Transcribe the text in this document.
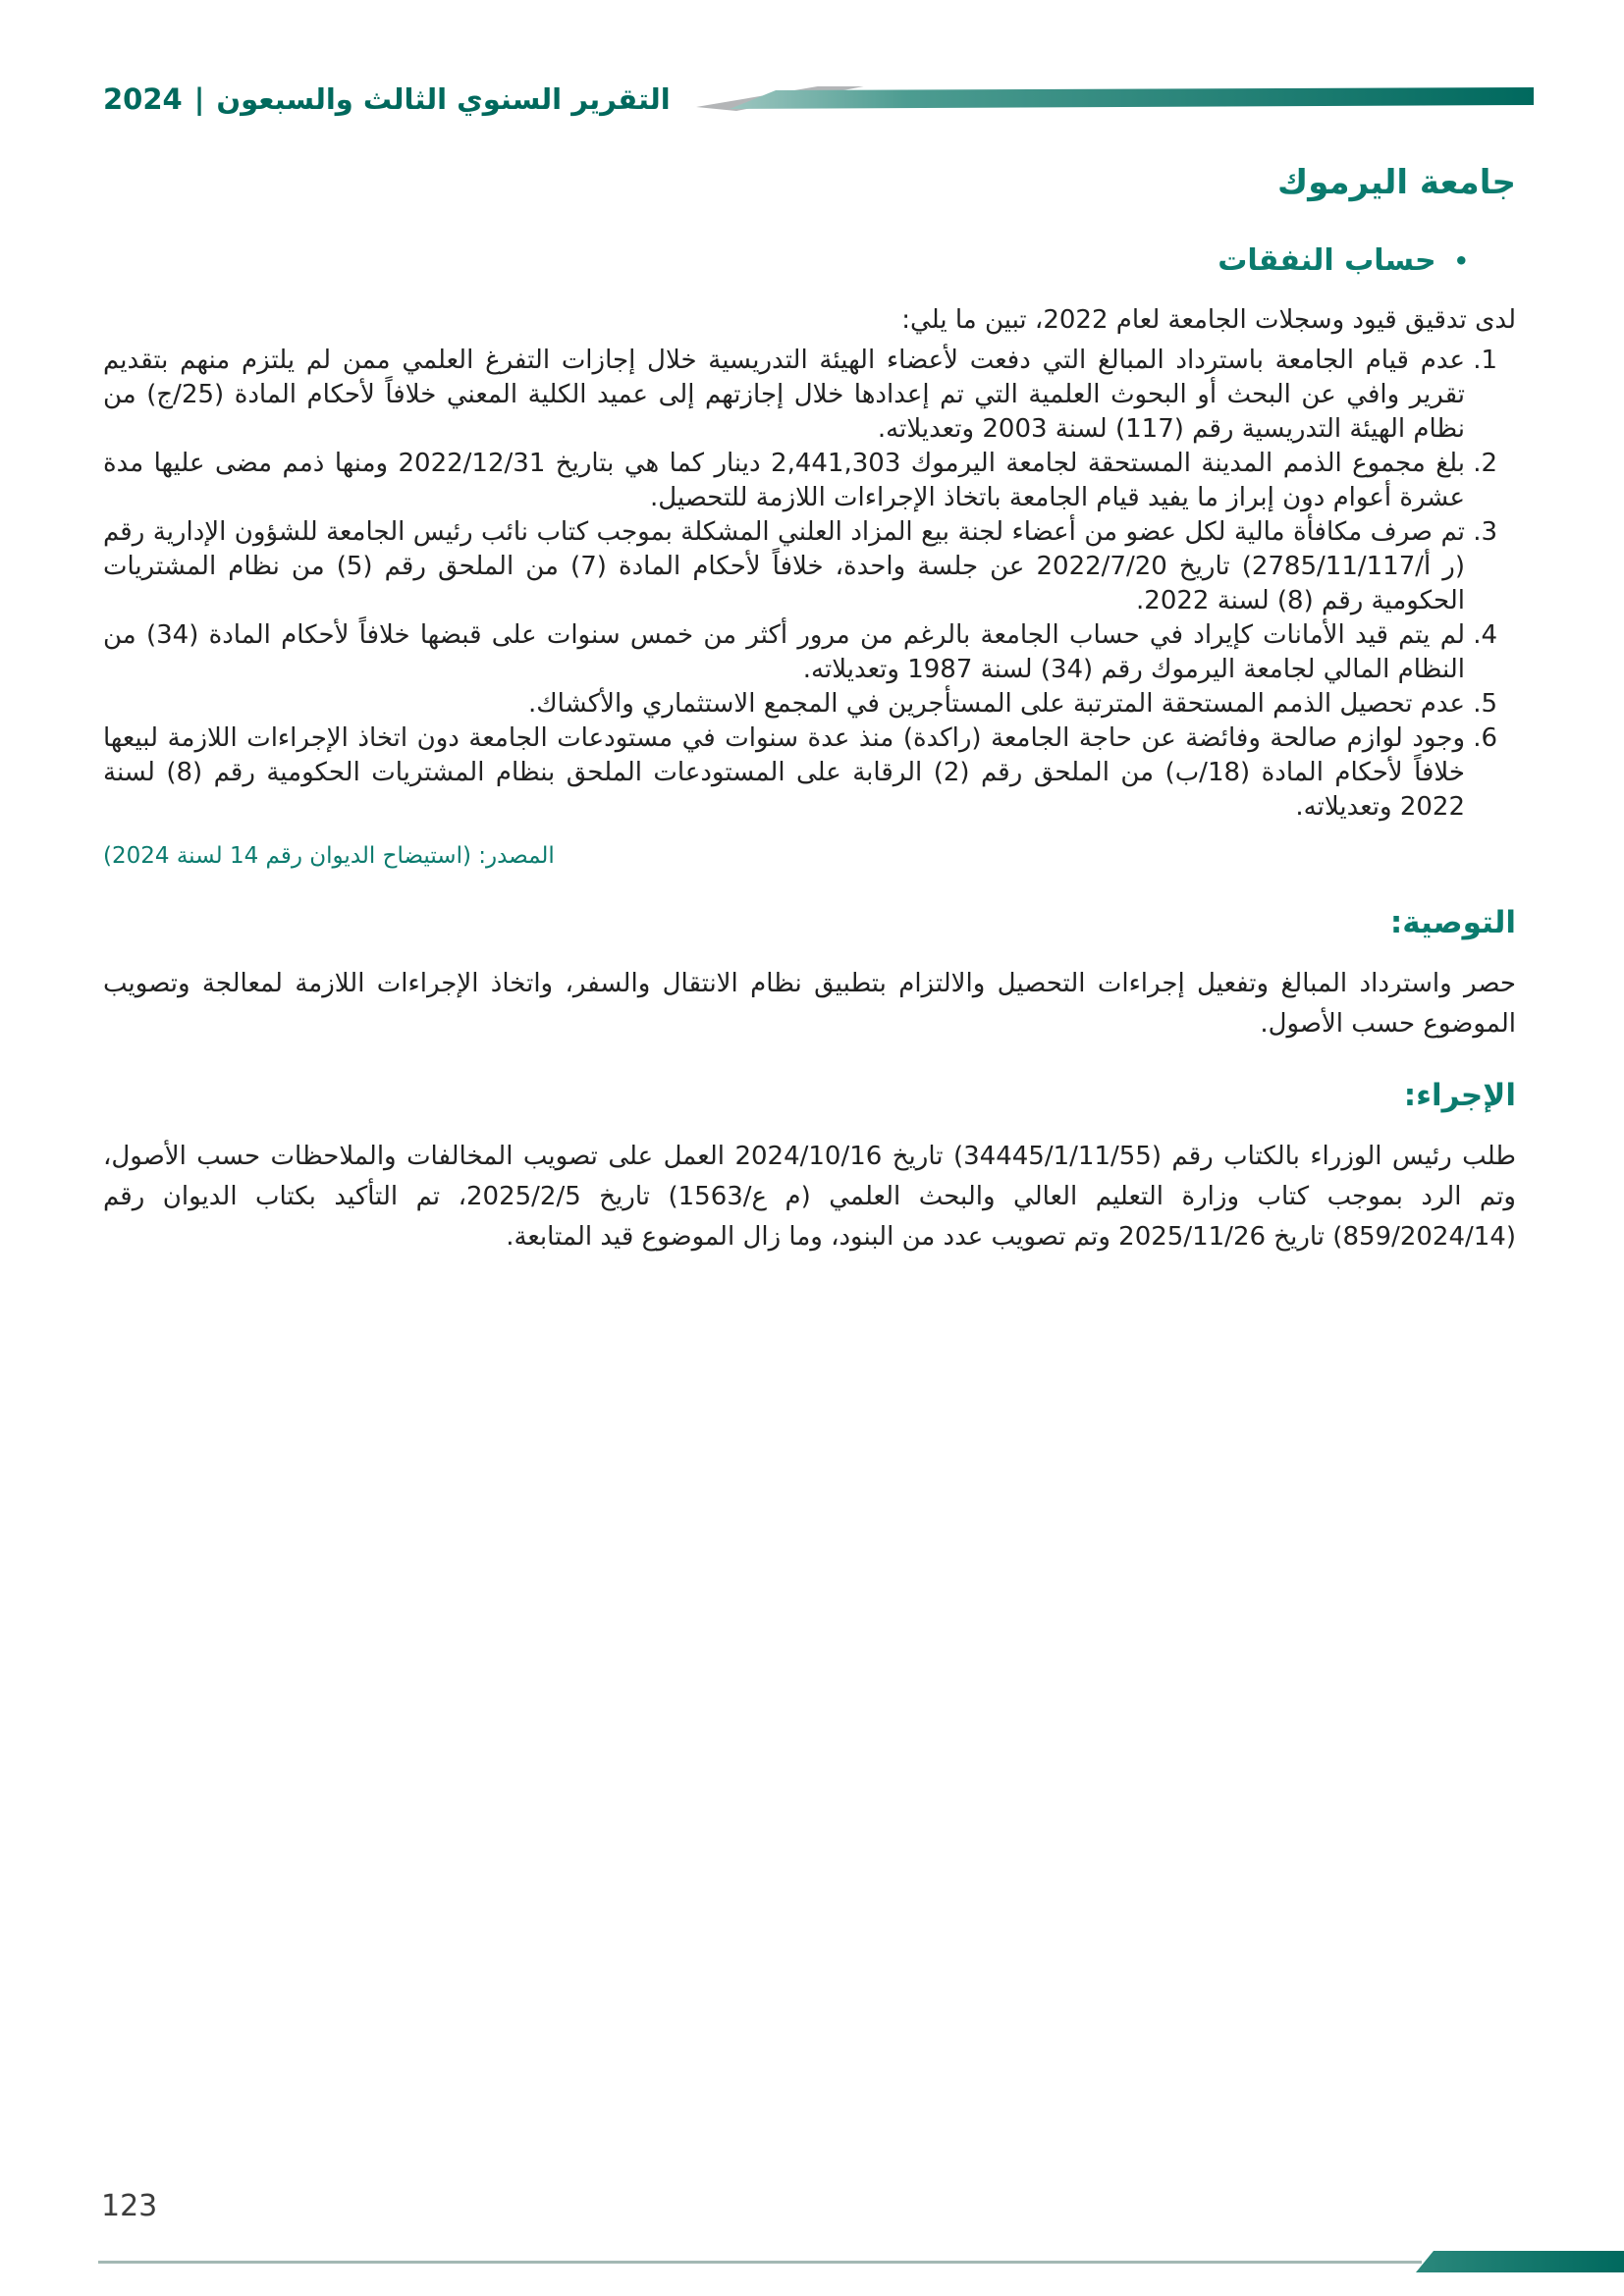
التقرير السنوي الثالث والسبعون
|
2024
جامعة اليرموك
•
حساب النفقات

لدى تدقيق قيود وسجلات الجامعة لعام 2022، تبين ما يلي:

1. عدم قيام الجامعة باسترداد المبالغ التي دفعت لأعضاء الهيئة التدريسية خلال إجازات التفرغ العلمي ممن لم يلتزم منهم بتقديم تقرير وافي عن البحث أو البحوث العلمية التي تم إعدادها خلال إجازتهم إلى عميد الكلية المعني خلافاً لأحكام المادة (25/ج) من نظام الهيئة التدريسية رقم (117) لسنة 2003 وتعديلاته.
2. بلغ مجموع الذمم المدينة المستحقة لجامعة اليرموك 2,441,303 دينار كما هي بتاريخ 2022/12/31 ومنها ذمم مضى عليها مدة عشرة أعوام دون إبراز ما يفيد قيام الجامعة باتخاذ الإجراءات اللازمة للتحصيل.
3. تم صرف مكافأة مالية لكل عضو من أعضاء لجنة بيع المزاد العلني المشكلة بموجب كتاب نائب رئيس الجامعة للشؤون الإدارية رقم (ر أ/2785/11/117) تاريخ 2022/7/20 عن جلسة واحدة، خلافاً لأحكام المادة (7) من الملحق رقم (5) من نظام المشتريات الحكومية رقم (8) لسنة 2022.
4. لم يتم قيد الأمانات كإيراد في حساب الجامعة بالرغم من مرور أكثر من خمس سنوات على قبضها خلافاً لأحكام المادة (34) من النظام المالي لجامعة اليرموك رقم (34) لسنة 1987 وتعديلاته.
5. عدم تحصيل الذمم المستحقة المترتبة على المستأجرين في المجمع الاستثماري والأكشاك.
6. وجود لوازم صالحة وفائضة عن حاجة الجامعة (راكدة) منذ عدة سنوات في مستودعات الجامعة دون اتخاذ الإجراءات اللازمة لبيعها خلافاً لأحكام المادة (18/ب) من الملحق رقم (2) الرقابة على المستودعات الملحق بنظام المشتريات الحكومية رقم (8) لسنة 2022 وتعديلاته.

المصدر: (استيضاح الديوان رقم 14 لسنة 2024)

التوصية:

حصر واسترداد المبالغ وتفعيل إجراءات التحصيل والالتزام بتطبيق نظام الانتقال والسفر، واتخاذ الإجراءات اللازمة لمعالجة وتصويب الموضوع حسب الأصول.

الإجراء:

طلب رئيس الوزراء بالكتاب رقم (34445/1/11/55) تاريخ 2024/10/16 العمل على تصويب المخالفات والملاحظات حسب الأصول، وتم الرد بموجب كتاب وزارة التعليم العالي والبحث العلمي (م ع/1563) تاريخ 2025/2/5، تم التأكيد بكتاب الديوان رقم (859/2024/14) تاريخ 2025/11/26 وتم تصويب عدد من البنود، وما زال الموضوع قيد المتابعة.

123
